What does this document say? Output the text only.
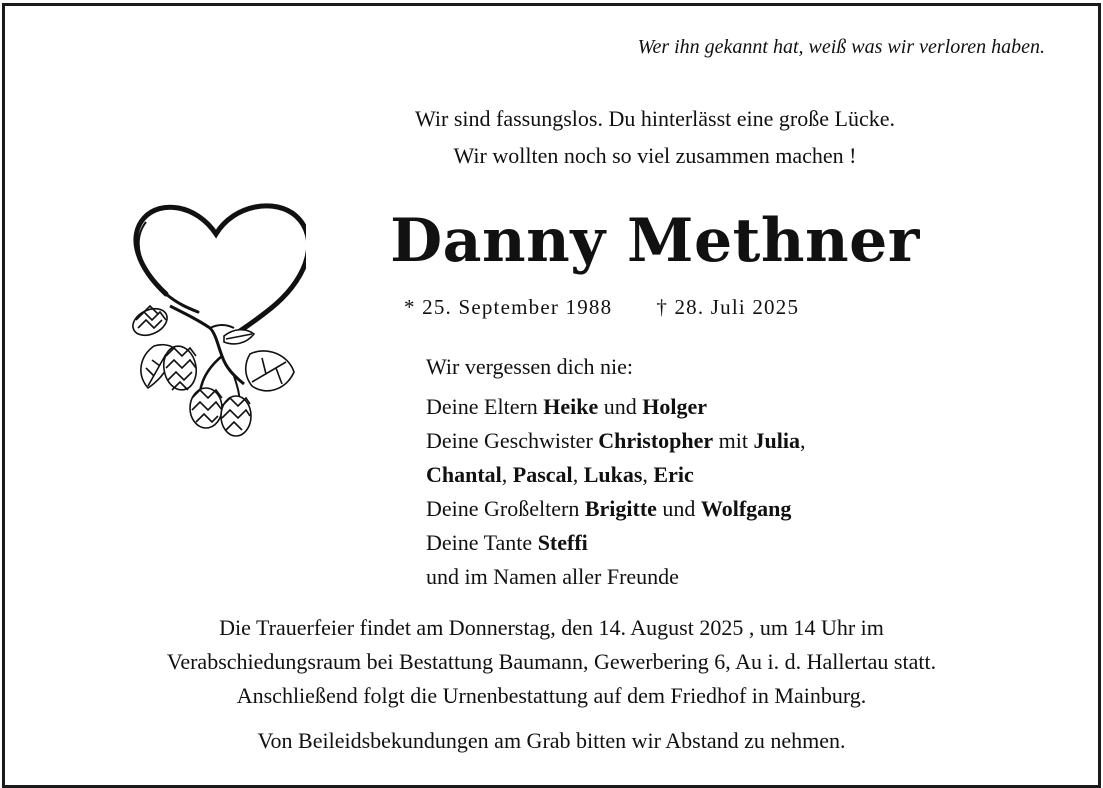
Wer ihn gekannt hat, weiß was wir verloren haben.
Wir sind fassungslos. Du hinterlässt eine große Lücke.
Wir wollten noch so viel zusammen machen !
Danny Methner
* 25. September 1988 † 28. Juli 2025
Wir vergessen dich nie:
Deine Eltern Heike und Holger
Deine Geschwister Christopher mit Julia,
Chantal, Pascal, Lukas, Eric
Deine Großeltern Brigitte und Wolfgang
Deine Tante Steffi
und im Namen aller Freunde
Die Trauerfeier findet am Donnerstag, den 14. August 2025 , um 14 Uhr im
Verabschiedungsraum bei Bestattung Baumann, Gewerbering 6, Au i. d. Hallertau statt.
Anschließend folgt die Urnenbestattung auf dem Friedhof in Mainburg.
Von Beileidsbekundungen am Grab bitten wir Abstand zu nehmen.
